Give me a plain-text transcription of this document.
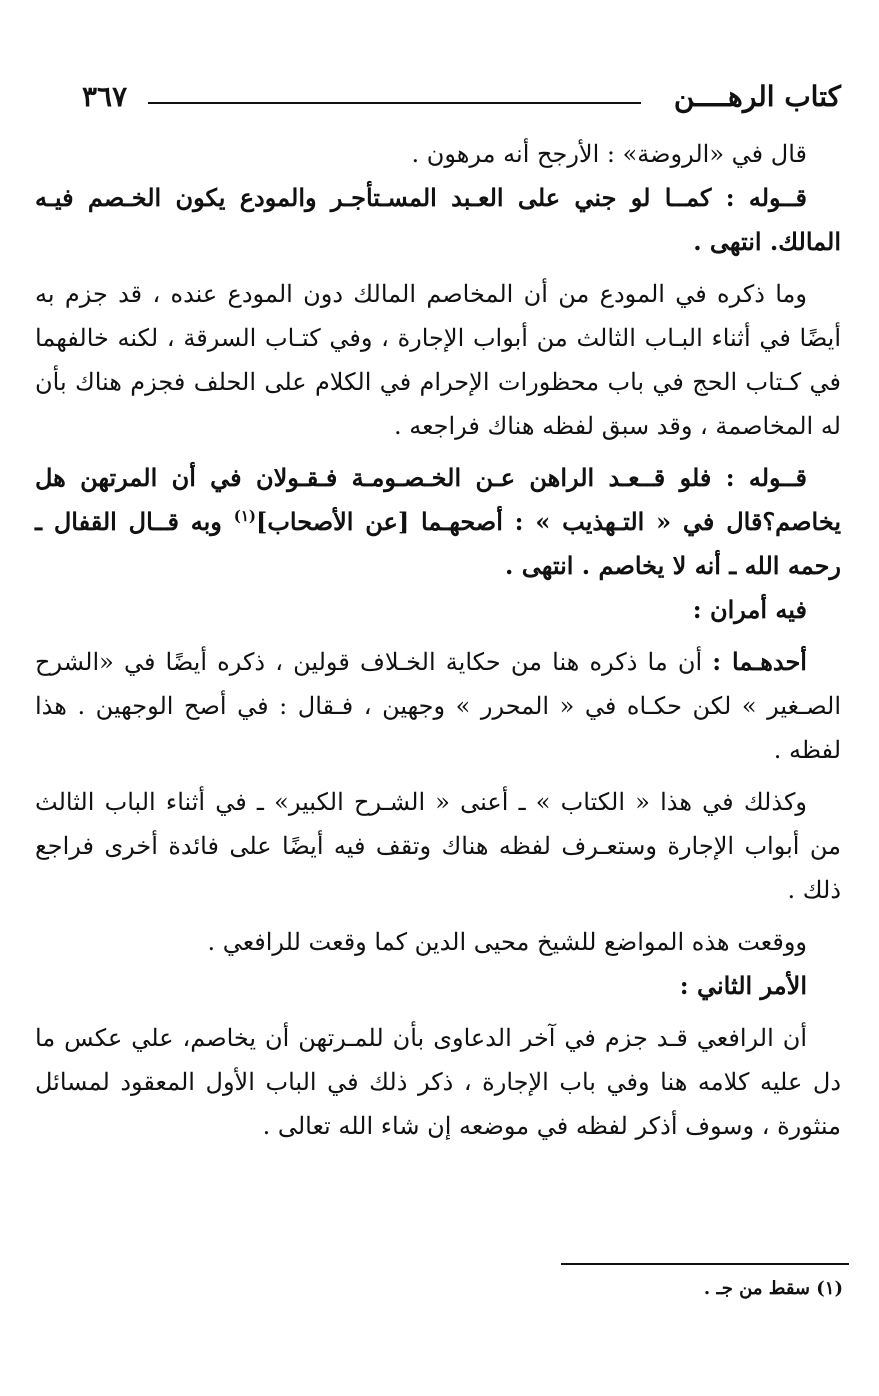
كتاب الرهــــن
٣٦٧

قال في «الروضة» : الأرجح أنه مرهون .

قــوله : كمــا لو جني على العـبد المسـتأجـر والمودع يكون الخـصم فيـه المالك. انتهى .

وما ذكره في المودع من أن المخاصم المالك دون المودع عنده ، قد جزم به أيضًا في أثناء البـاب الثالث من أبواب الإجارة ، وفي كتـاب السرقة ، لكنه خالفهما في كـتاب الحج في باب محظورات الإحرام في الكلام على الحلف فجزم هناك بأن له المخاصمة ، وقد سبق لفظه هناك فراجعه .

قــوله : فلو قــعـد الراهن عـن الخـصـومـة فـقـولان في أن المرتهن هل يخاصم؟قال في « التـهذيب » : أصحهـما [عن الأصحاب]$^{(١)}$ وبه قــال القفال ـ رحمه الله ـ أنه لا يخاصم . انتهى .

فيه أمران :

أحدهـما : أن ما ذكره هنا من حكاية الخـلاف قولين ، ذكره أيضًا في «الشرح الصـغير » لكن حكـاه في « المحرر » وجهين ، فـقال : في أصح الوجهين . هذا لفظه .

وكذلك في هذا « الكتاب » ـ أعنى « الشـرح الكبير» ـ في أثناء الباب الثالث من أبواب الإجارة وستعـرف لفظه هناك وتقف فيه أيضًا على فائدة أخرى فراجع ذلك .

ووقعت هذه المواضع للشيخ محيى الدين كما وقعت للرافعي .

الأمر الثاني :

أن الرافعي قـد جزم في آخر الدعاوى بأن للمـرتهن أن يخاصم، علي عكس ما دل عليه كلامه هنا وفي باب الإجارة ، ذكر ذلك في الباب الأول المعقود لمسائل منثورة ، وسوف أذكر لفظه في موضعه إن شاء الله تعالى .

(١) سقط من جـ .
